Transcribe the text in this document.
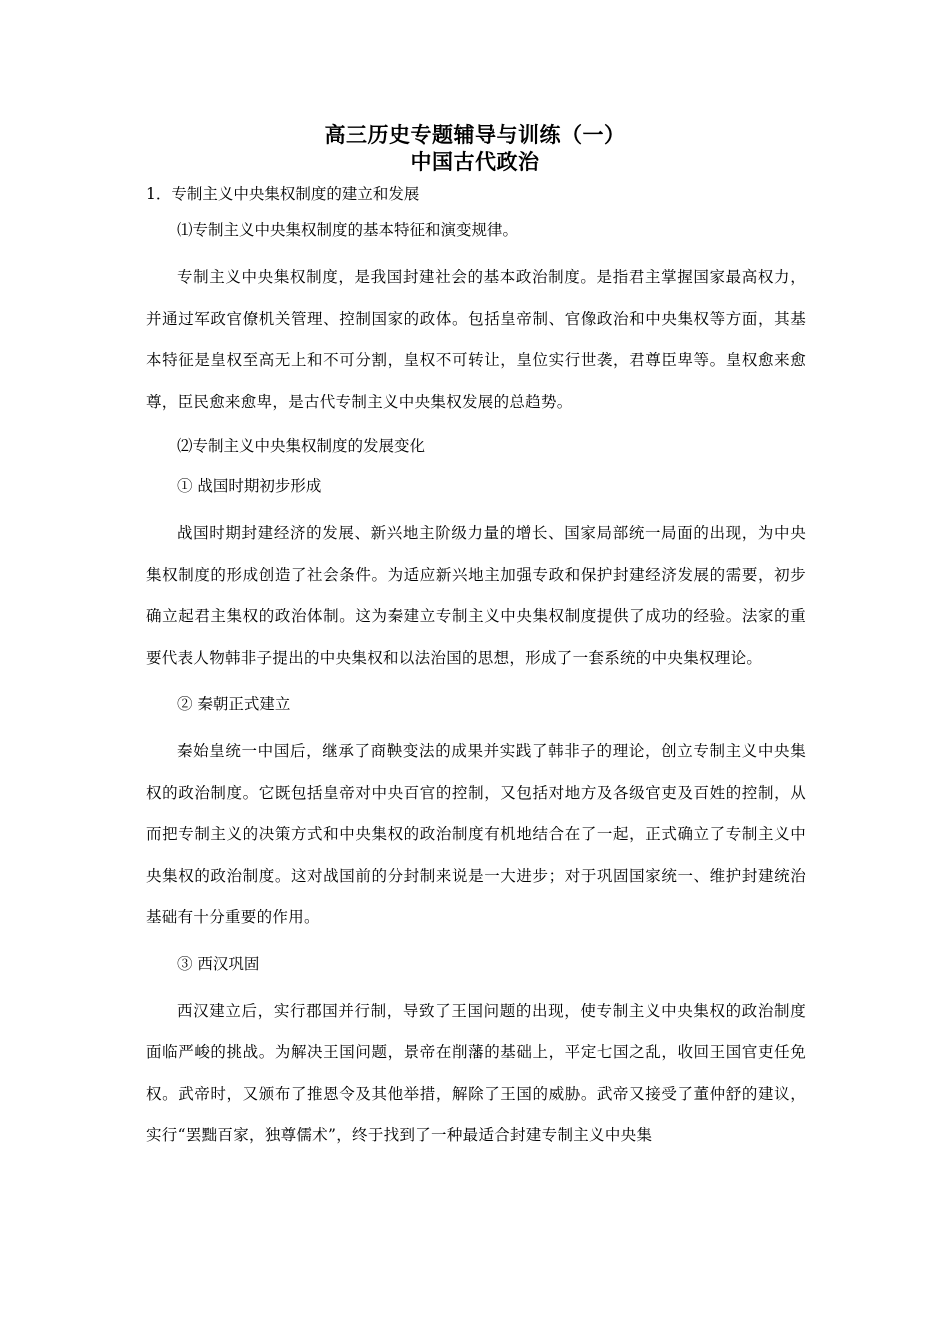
高三历史专题辅导与训练（一）
中国古代政治
1．专制主义中央集权制度的建立和发展
⑴专制主义中央集权制度的基本特征和演变规律。

专制主义中央集权制度，是我国封建社会的基本政治制度。是指君主掌握国家最高权力，并通过军政官僚机关管理、控制国家的政体。包括皇帝制、官像政治和中央集权等方面，其基本特征是皇权至高无上和不可分割，皇权不可转让，皇位实行世袭，君尊臣卑等。皇权愈来愈尊，臣民愈来愈卑，是古代专制主义中央集权发展的总趋势。

⑵专制主义中央集权制度的发展变化
① 战国时期初步形成

战国时期封建经济的发展、新兴地主阶级力量的增长、国家局部统一局面的出现，为中央集权制度的形成创造了社会条件。为适应新兴地主加强专政和保护封建经济发展的需要，初步确立起君主集权的政治体制。这为秦建立专制主义中央集权制度提供了成功的经验。法家的重要代表人物韩非子提出的中央集权和以法治国的思想，形成了一套系统的中央集权理论。

② 秦朝正式建立

秦始皇统一中国后，继承了商鞅变法的成果并实践了韩非子的理论，创立专制主义中央集权的政治制度。它既包括皇帝对中央百官的控制，又包括对地方及各级官吏及百姓的控制，从而把专制主义的决策方式和中央集权的政治制度有机地结合在了一起，正式确立了专制主义中央集权的政治制度。这对战国前的分封制来说是一大进步；对于巩固国家统一、维护封建统治基础有十分重要的作用。

③ 西汉巩固

西汉建立后，实行郡国并行制，导致了王国问题的出现，使专制主义中央集权的政治制度面临严峻的挑战。为解决王国问题，景帝在削藩的基础上，平定七国之乱，收回王国官吏任免权。武帝时，又颁布了推恩令及其他举措，解除了王国的威胁。武帝又接受了董仲舒的建议，实行“罢黜百家，独尊儒术”，终于找到了一种最适合封建专制主义中央集
